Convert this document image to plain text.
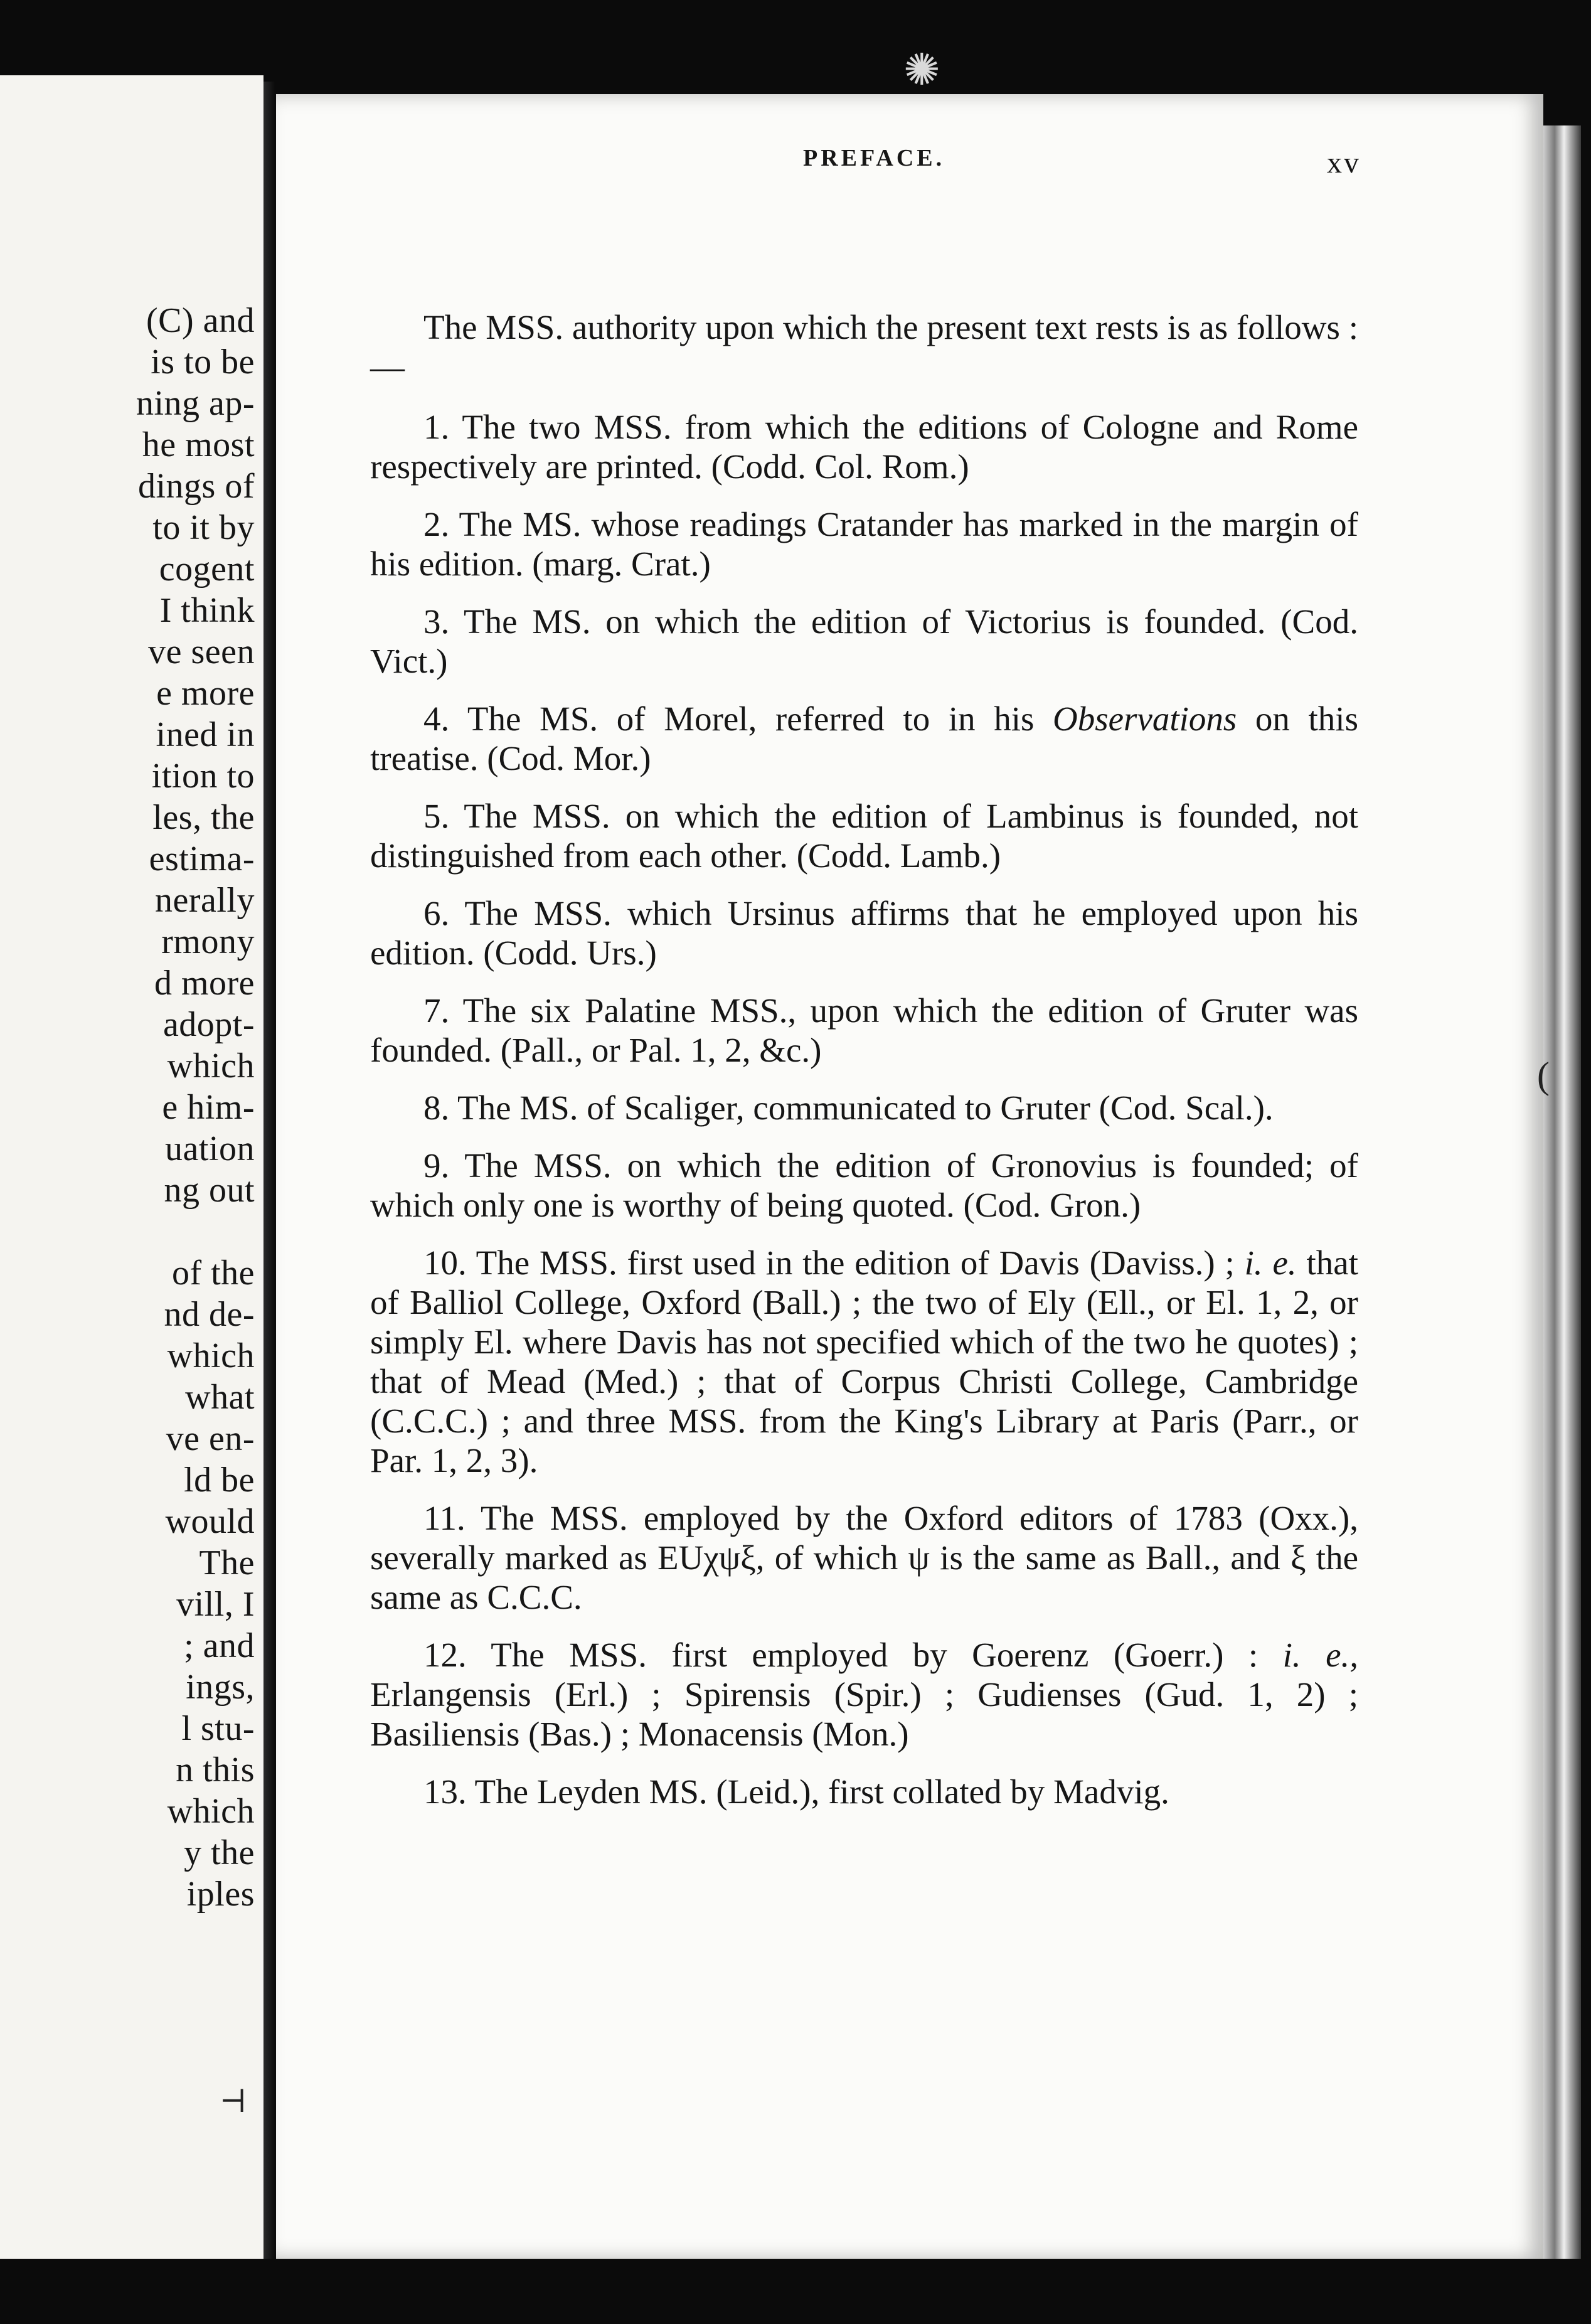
(C) and
is to be
ning ap-
he most
dings of
to it by
cogent
I think
ve seen
e more
ined in
ition to
les, the
estima-
nerally
rmony
d more
adopt-
which
e him-
uation
ng out
of the
nd de-
which
what
ve en-
ld be
would
The
vill, I
; and
ings,
l stu-
n this
which
y the
iples
✺
PREFACE.	xv

The MSS. authority upon which the present text rests is as follows :—

1. The two MSS. from which the editions of Cologne and Rome respectively are printed. (Codd. Col. Rom.)

2. The MS. whose readings Cratander has marked in the margin of his edition. (marg. Crat.)

3. The MS. on which the edition of Victorius is founded. (Cod. Vict.)

4. The MS. of Morel, referred to in his Observations on this treatise. (Cod. Mor.)

5. The MSS. on which the edition of Lambinus is founded, not distinguished from each other. (Codd. Lamb.)

6. The MSS. which Ursinus affirms that he employed upon his edition. (Codd. Urs.)

7. The six Palatine MSS., upon which the edition of Gruter was founded. (Pall., or Pal. 1, 2, &c.)

8. The MS. of Scaliger, communicated to Gruter (Cod. Scal.).

9. The MSS. on which the edition of Gronovius is founded; of which only one is worthy of being quoted. (Cod. Gron.)

10. The MSS. first used in the edition of Davis (Daviss.) ; i. e. that of Balliol College, Oxford (Ball.) ; the two of Ely (Ell., or El. 1, 2, or simply El. where Davis has not specified which of the two he quotes) ; that of Mead (Med.) ; that of Corpus Christi College, Cambridge (C.C.C.) ; and three MSS. from the King's Library at Paris (Parr., or Par. 1, 2, 3).

11. The MSS. employed by the Oxford editors of 1783 (Oxx.), severally marked as EUχψξ, of which ψ is the same as Ball., and ξ the same as C.C.C.

12. The MSS. first employed by Goerenz (Goerr.) : i. e., Erlangensis (Erl.) ; Spirensis (Spir.) ; Gudienses (Gud. 1, 2) ; Basiliensis (Bas.) ; Monacensis (Mon.)

13. The Leyden MS. (Leid.), first collated by Madvig.

(
⊣
